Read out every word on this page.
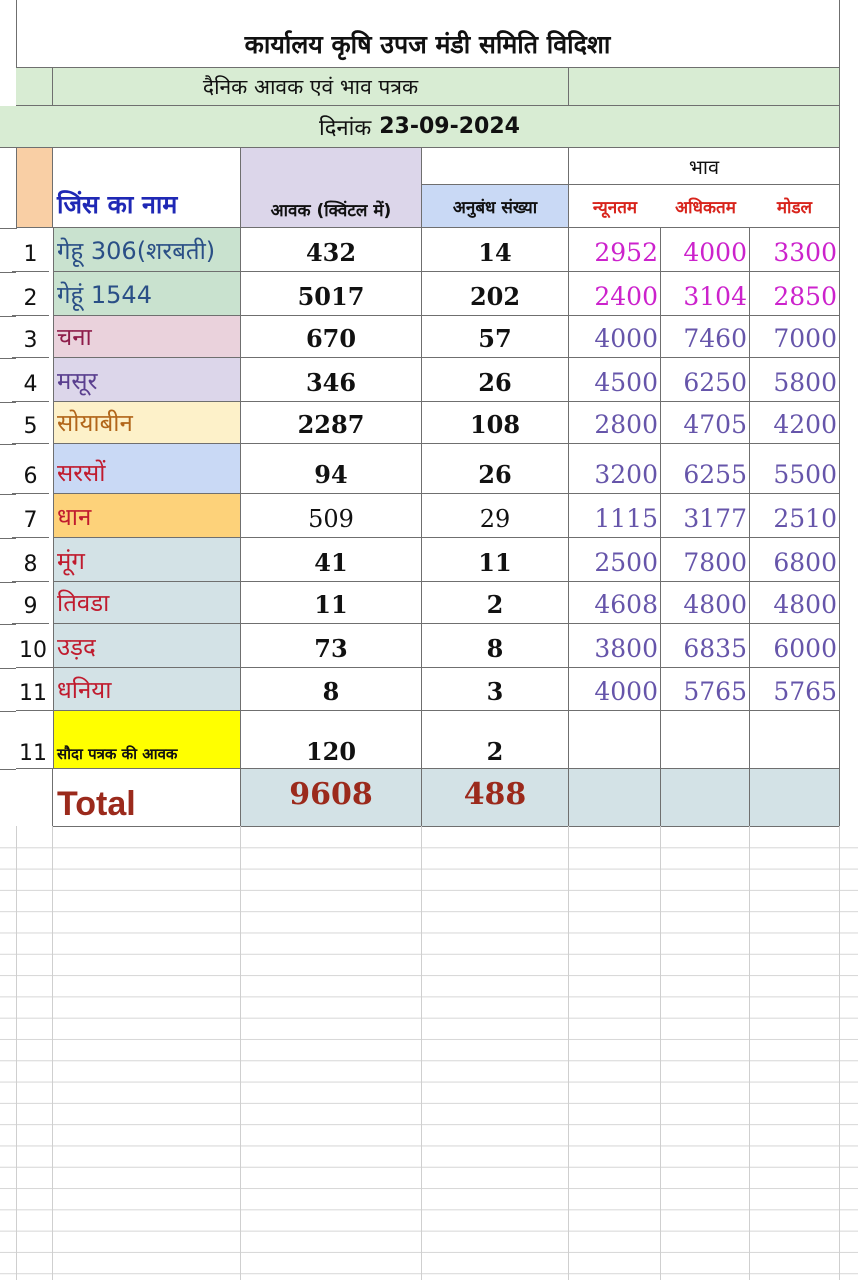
कार्यालय कृषि उपज मंडी समिति विदिशा
दैनिक आवक एवं भाव पत्रक
दिनांक 23-09-2024
जिंस का नाम	आवक (क्विंटल में)	अनुबंध संख्या
भाव
न्यूनतम अधिकतम मोडल
1 गेहू 306(शरबती)	432	14	2952 4000 3300
2 गेहूं 1544	5017	202	2400 3104 2850
3 चना	670	57	4000 7460 7000
4 मसूर	346	26	4500 6250 5800
5 सोयाबीन	2287	108	2800 4705 4200
6 सरसों	94	26	3200 6255 5500
7 धान	509	29	1115 3177 2510
8 मूंग	41	11	2500 7800 6800
9 तिवडा	11	2	4608 4800 4800
10 उड़द	73	8	3800 6835 6000
11 धनिया	8	3	4000 5765 5765
11 सौदा पत्रक की आवक	120	2
Total	9608	488
